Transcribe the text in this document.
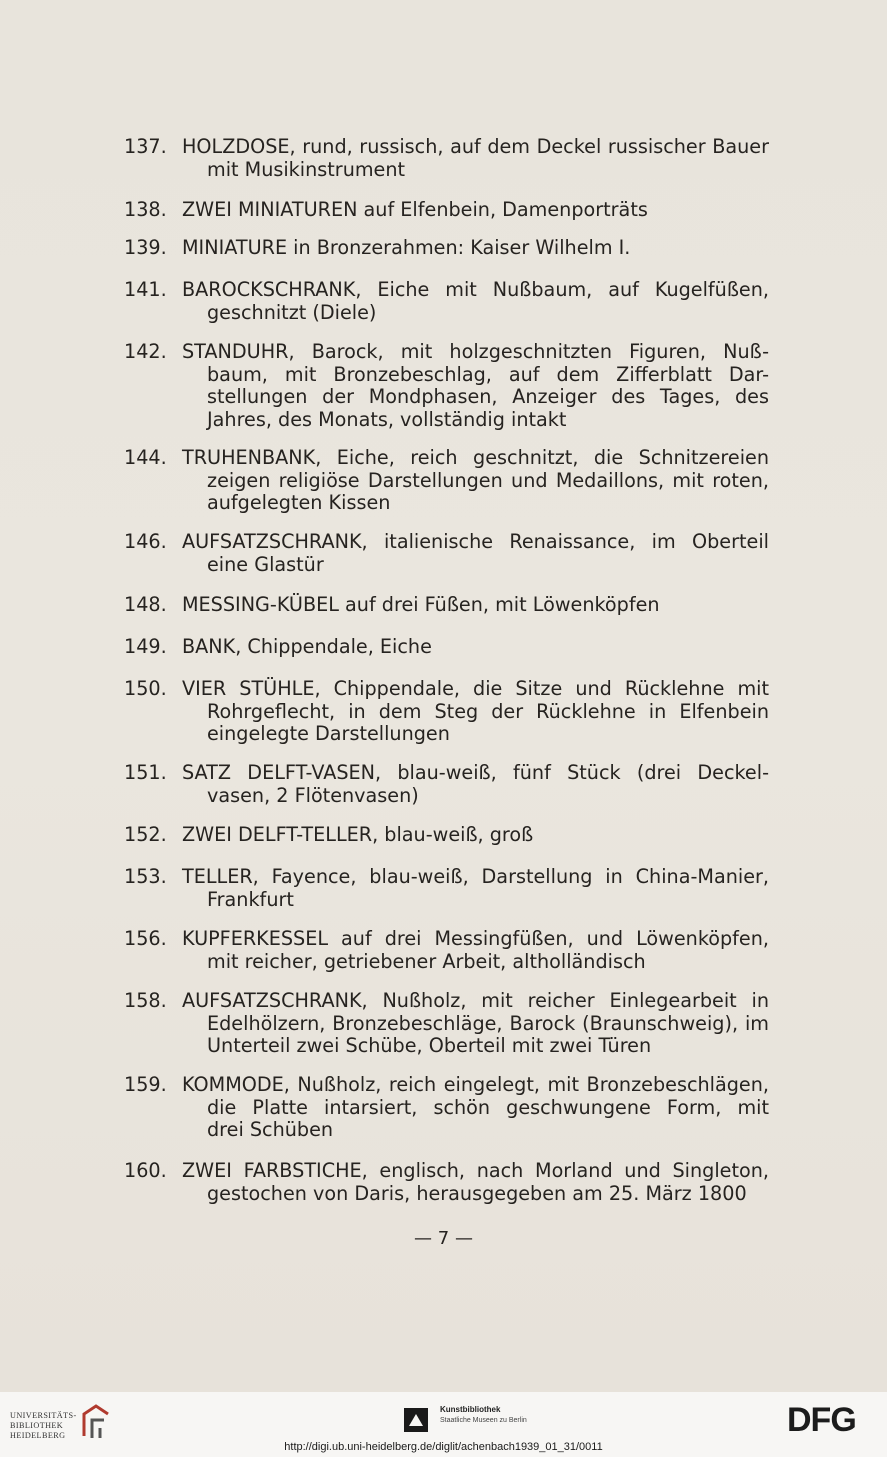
137. HOLZDOSE, rund, russisch, auf dem Deckel russischer Bauer
mit Musikinstrument
138. ZWEI MINIATUREN auf Elfenbein, Damenporträts
139. MINIATURE in Bronzerahmen: Kaiser Wilhelm I.
141. BAROCKSCHRANK, Eiche mit Nußbaum, auf Kugelfüßen,
geschnitzt (Diele)
142. STANDUHR, Barock, mit holzgeschnitzten Figuren, Nuß-
baum, mit Bronzebeschlag, auf dem Zifferblatt Dar-
stellungen der Mondphasen, Anzeiger des Tages, des
Jahres, des Monats, vollständig intakt
144. TRUHENBANK, Eiche, reich geschnitzt, die Schnitzereien
zeigen religiöse Darstellungen und Medaillons, mit roten,
aufgelegten Kissen
146. AUFSATZSCHRANK, italienische Renaissance, im Oberteil
eine Glastür
148. MESSING-KÜBEL auf drei Füßen, mit Löwenköpfen
149. BANK, Chippendale, Eiche
150. VIER STÜHLE, Chippendale, die Sitze und Rücklehne mit
Rohrgeflecht, in dem Steg der Rücklehne in Elfenbein
eingelegte Darstellungen
151. SATZ DELFT-VASEN, blau-weiß, fünf Stück (drei Deckel-
vasen, 2 Flötenvasen)
152. ZWEI DELFT-TELLER, blau-weiß, groß
153. TELLER, Fayence, blau-weiß, Darstellung in China-Manier,
Frankfurt
156. KUPFERKESSEL auf drei Messingfüßen, und Löwenköpfen,
mit reicher, getriebener Arbeit, altholländisch
158. AUFSATZSCHRANK, Nußholz, mit reicher Einlegearbeit in
Edelhölzern, Bronzebeschläge, Barock (Braunschweig), im
Unterteil zwei Schübe, Oberteil mit zwei Türen
159. KOMMODE, Nußholz, reich eingelegt, mit Bronzebeschlägen,
die Platte intarsiert, schön geschwungene Form, mit
drei Schüben
160. ZWEI FARBSTICHE, englisch, nach Morland und Singleton,
gestochen von Daris, herausgegeben am 25. März 1800
— 7 —
UNIVERSITÄTS-
BIBLIOTHEK
HEIDELBERG
Kunstbibliothek
Staatliche Museen zu Berlin	DFG
http://digi.ub.uni-heidelberg.de/diglit/achenbach1939_01_31/0011
